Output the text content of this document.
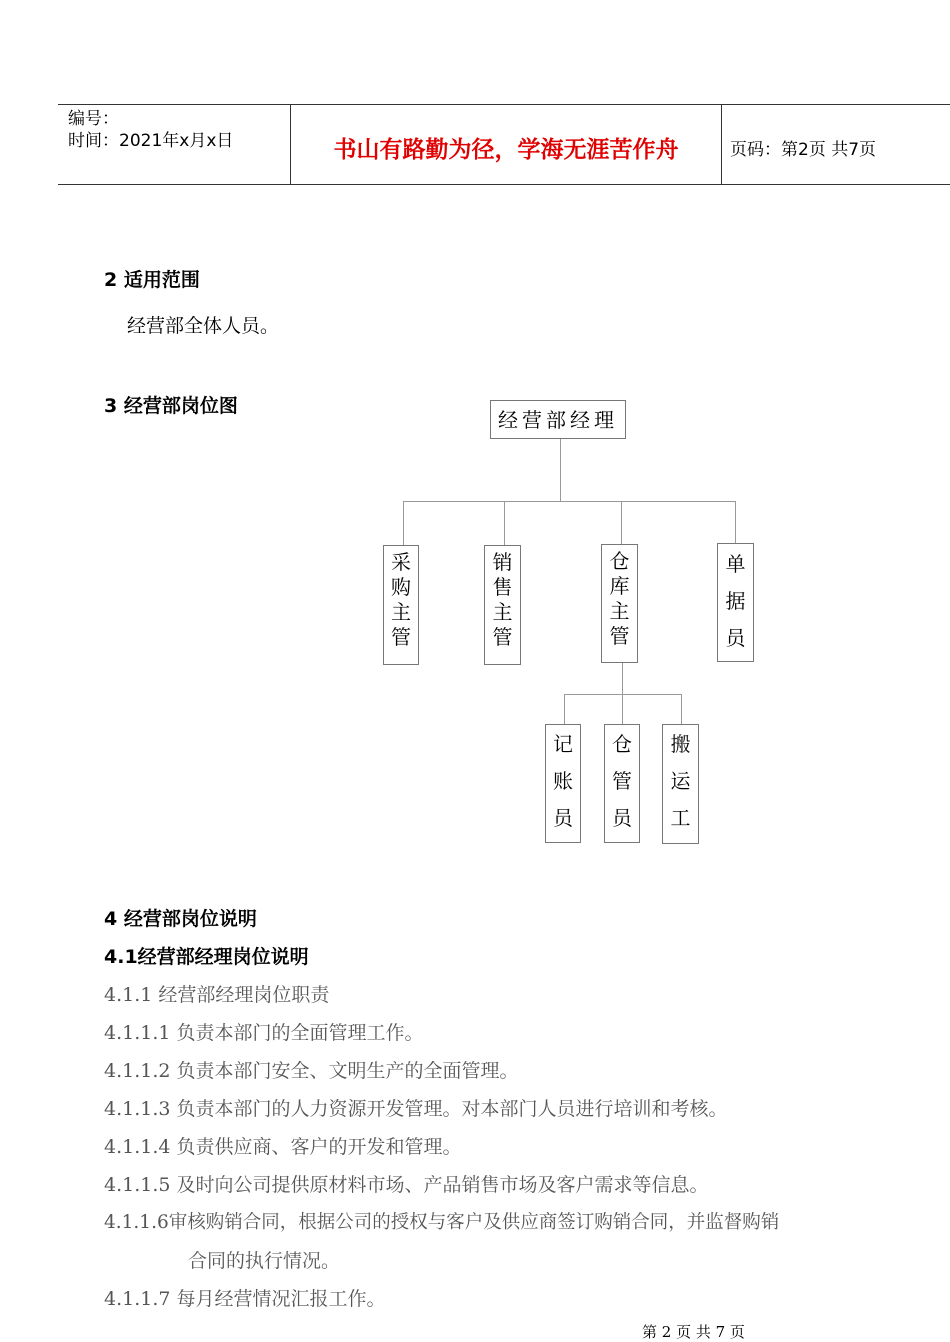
编号：
时间：2021年x月x日	书山有路勤为径，学海无涯苦作舟	页码：第2页 共7页
2 适用范围
经营部全体人员。
3 经营部岗位图
经营部经理
采
购
主
管
销
售
主
管
仓
库
主
管
单
据
员
记
账
员
仓
管
员
搬
运
工
4 经营部岗位说明
4.1经营部经理岗位说明
4.1.1 经营部经理岗位职责
4.1.1.1 负责本部门的全面管理工作。
4.1.1.2 负责本部门安全、文明生产的全面管理。
4.1.1.3 负责本部门的人力资源开发管理。对本部门人员进行培训和考核。
4.1.1.4 负责供应商、客户的开发和管理。
4.1.1.5 及时向公司提供原材料市场、产品销售市场及客户需求等信息。
4.1.1.6审核购销合同，根据公司的授权与客户及供应商签订购销合同，并监督购销
合同的执行情况。
4.1.1.7 每月经营情况汇报工作。
第 2 页 共 7 页
